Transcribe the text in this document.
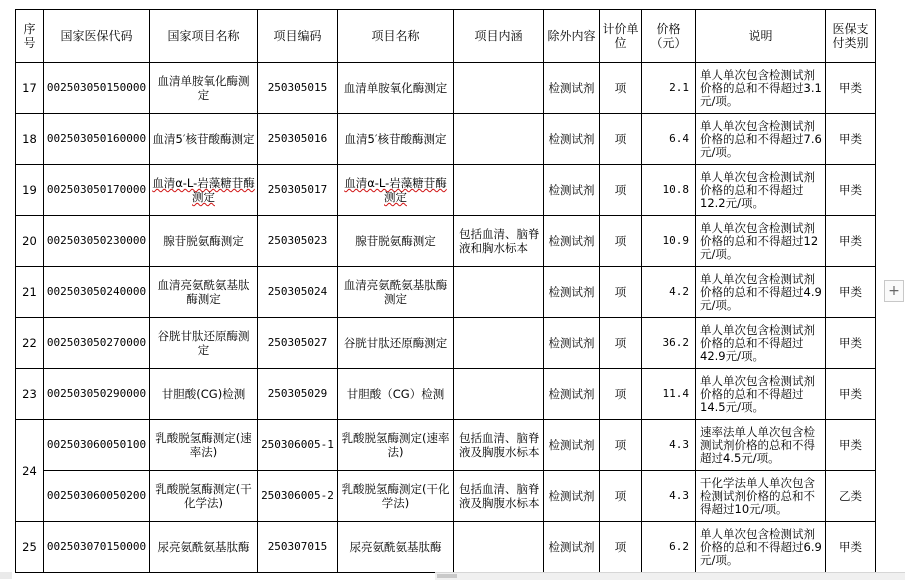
序号	国家医保代码	国家项目名称	项目编码	项目名称	项目内涵	除外内容	计价单位	价格（元）	说明	医保支付类别
17	002503050150000	血清单胺氧化酶测定	250305015	血清单胺氧化酶测定		检测试剂	项	2.1	单人单次包含检测试剂价格的总和不得超过3.1元/项。	甲类
18	002503050160000	血清5′核苷酸酶测定	250305016	血清5′核苷酸酶测定		检测试剂	项	6.4	单人单次包含检测试剂价格的总和不得超过7.6元/项。	甲类
19	002503050170000	血清α-L-岩藻糖苷酶测定	250305017	血清α-L-岩藻糖苷酶测定		检测试剂	项	10.8	单人单次包含检测试剂价格的总和不得超过12.2元/项。	甲类
20	002503050230000	腺苷脱氨酶测定	250305023	腺苷脱氨酶测定	包括血清、脑脊液和胸水标本	检测试剂	项	10.9	单人单次包含检测试剂价格的总和不得超过12元/项。	甲类
21	002503050240000	血清亮氨酰氨基肽酶测定	250305024	血清亮氨酰氨基肽酶测定		检测试剂	项	4.2	单人单次包含检测试剂价格的总和不得超过4.9元/项。	甲类
22	002503050270000	谷胱甘肽还原酶测定	250305027	谷胱甘肽还原酶测定		检测试剂	项	36.2	单人单次包含检测试剂价格的总和不得超过42.9元/项。	甲类
23	002503050290000	甘胆酸(CG)检测	250305029	甘胆酸（CG）检测		检测试剂	项	11.4	单人单次包含检测试剂价格的总和不得超过14.5元/项。	甲类
24	002503060050100	乳酸脱氢酶测定(速率法)	250306005-1	乳酸脱氢酶测定(速率法)	包括血清、脑脊液及胸腹水标本	检测试剂	项	4.3	速率法单人单次包含检测试剂价格的总和不得超过4.5元/项。	甲类
	002503060050200	乳酸脱氢酶测定(干化学法)	250306005-2	乳酸脱氢酶测定(干化学法)	包括血清、脑脊液及胸腹水标本	检测试剂	项	4.3	干化学法单人单次包含检测试剂价格的总和不得超过10元/项。	乙类
25	002503070150000	尿亮氨酰氨基肽酶	250307015	尿亮氨酰氨基肽酶		检测试剂	项	6.2	单人单次包含检测试剂价格的总和不得超过6.9元/项。	甲类
+
